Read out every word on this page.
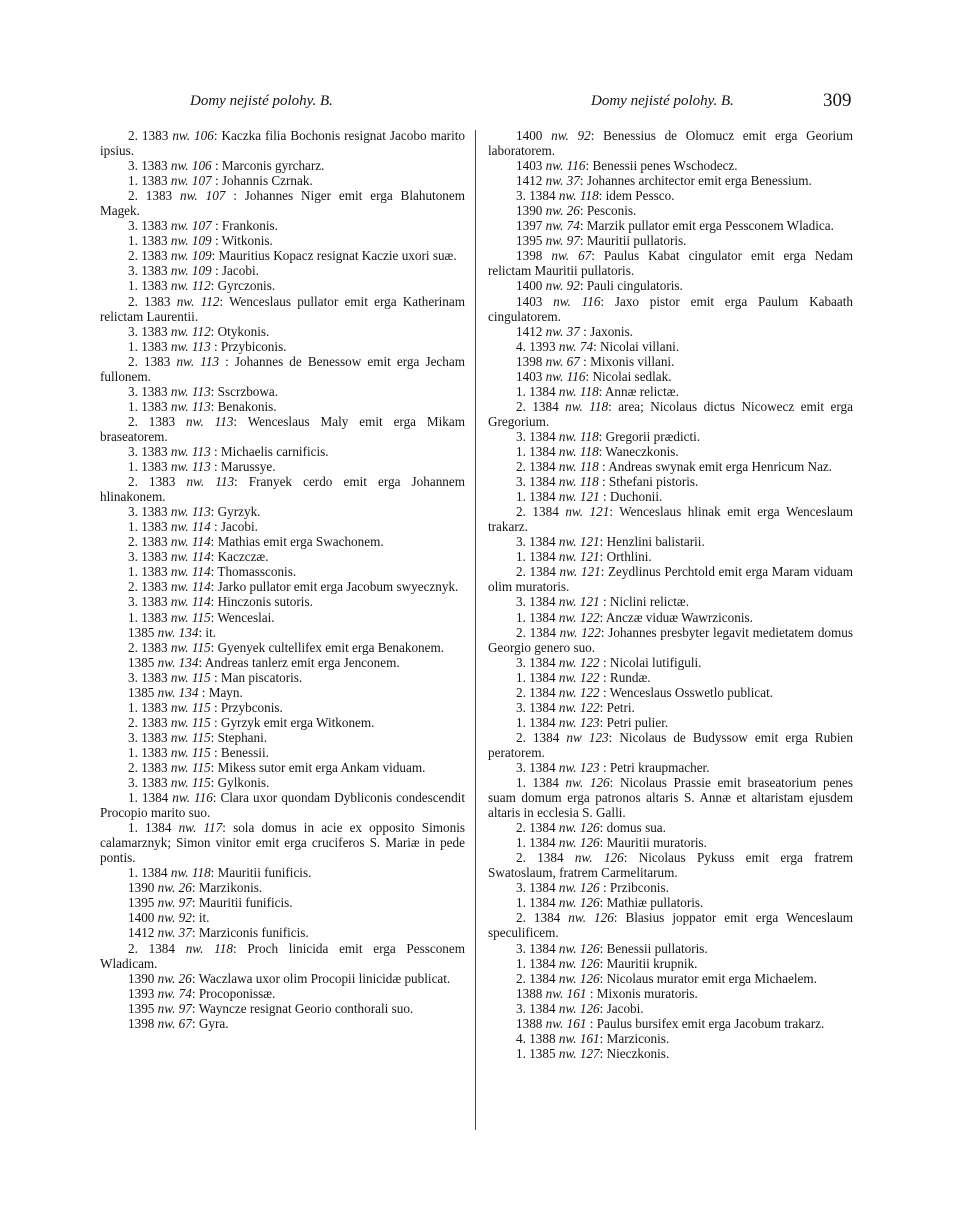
Domy nejisté polohy. B.	Domy nejisté polohy. B.	309

2. 1383 nw. 106: Kaczka filia Bochonis resignat Jacobo marito ipsius.

3. 1383 nw. 106 : Marconis gyrcharz.

1. 1383 nw. 107 : Johannis Czrnak.

2. 1383 nw. 107 : Johannes Niger emit erga Blahutonem Magek.

3. 1383 nw. 107 : Frankonis.

1. 1383 nw. 109 : Witkonis.

2. 1383 nw. 109: Mauritius Kopacz resignat Kaczie uxori suæ.

3. 1383 nw. 109 : Jacobi.

1. 1383 nw. 112: Gyrczonis.

2. 1383 nw. 112: Wenceslaus pullator emit erga Katherinam relictam Laurentii.

3. 1383 nw. 112: Otykonis.

1. 1383 nw. 113 : Przybiconis.

2. 1383 nw. 113 : Johannes de Benessow emit erga Jecham fullonem.

3. 1383 nw. 113: Sscrzbowa.

1. 1383 nw. 113: Benakonis.

2. 1383 nw. 113: Wenceslaus Maly emit erga Mikam braseatorem.

3. 1383 nw. 113 : Michaelis carnificis.

1. 1383 nw. 113 : Marussye.

2. 1383 nw. 113: Franyek cerdo emit erga Johannem hlinakonem.

3. 1383 nw. 113: Gyrzyk.

1. 1383 nw. 114 : Jacobi.

2. 1383 nw. 114: Mathias emit erga Swachonem.

3. 1383 nw. 114: Kaczczæ.

1. 1383 nw. 114: Thomassconis.

2. 1383 nw. 114: Jarko pullator emit erga Jacobum swyecznyk.

3. 1383 nw. 114: Hinczonis sutoris.

1. 1383 nw. 115: Wenceslai.

1385 nw. 134: it.

2. 1383 nw. 115: Gyenyek cultellifex emit erga Benakonem.

1385 nw. 134: Andreas tanlerz emit erga Jenconem.

3. 1383 nw. 115 : Man piscatoris.

1385 nw. 134 : Mayn.

1. 1383 nw. 115 : Przybconis.

2. 1383 nw. 115 : Gyrzyk emit erga Witkonem.

3. 1383 nw. 115: Stephani.

1. 1383 nw. 115 : Benessii.

2. 1383 nw. 115: Mikess sutor emit erga Ankam viduam.

3. 1383 nw. 115: Gylkonis.

1. 1384 nw. 116: Clara uxor quondam Dybliconis condescendit Procopio marito suo.

1. 1384 nw. 117: sola domus in acie ex opposito Simonis calamarznyk; Simon vinitor emit erga cruciferos S. Mariæ in pede pontis.

1. 1384 nw. 118: Mauritii funificis.

1390 nw. 26: Marzikonis.

1395 nw. 97: Mauritii funificis.

1400 nw. 92: it.

1412 nw. 37: Marziconis funificis.

2. 1384 nw. 118: Proch linicida emit erga Pessconem Wladicam.

1390 nw. 26: Waczlawa uxor olim Procopii linicidæ publicat.

1393 nw. 74: Procoponissæ.

1395 nw. 97: Wayncze resignat Georio conthorali suo.

1398 nw. 67: Gyra.

1400 nw. 92: Benessius de Olomucz emit erga Georium laboratorem.

1403 nw. 116: Benessii penes Wschodecz.

1412 nw. 37: Johannes architector emit erga Benessium.

3. 1384 nw. 118: idem Pessco.

1390 nw. 26: Pesconis.

1397 nw. 74: Marzik pullator emit erga Pessconem Wladica.

1395 nw. 97: Mauritii pullatoris.

1398 nw. 67: Paulus Kabat cingulator emit erga Nedam relictam Mauritii pullatoris.

1400 nw. 92: Pauli cingulatoris.

1403 nw. 116: Jaxo pistor emit erga Paulum Kabaath cingulatorem.

1412 nw. 37 : Jaxonis.

4. 1393 nw. 74: Nicolai villani.

1398 nw. 67 : Mixonis villani.

1403 nw. 116: Nicolai sedlak.

1. 1384 nw. 118: Annæ relictæ.

2. 1384 nw. 118: area; Nicolaus dictus Nicowecz emit erga Gregorium.

3. 1384 nw. 118: Gregorii prædicti.

1. 1384 nw. 118: Waneczkonis.

2. 1384 nw. 118 : Andreas swynak emit erga Henricum Naz.

3. 1384 nw. 118 : Sthefani pistoris.

1. 1384 nw. 121 : Duchonii.

2. 1384 nw. 121: Wenceslaus hlinak emit erga Wenceslaum trakarz.

3. 1384 nw. 121: Henzlini balistarii.

1. 1384 nw. 121: Orthlini.

2. 1384 nw. 121: Zeydlinus Perchtold emit erga Maram viduam olim muratoris.

3. 1384 nw. 121 : Niclini relictæ.

1. 1384 nw. 122: Anczæ viduæ Wawrziconis.

2. 1384 nw. 122: Johannes presbyter legavit medietatem domus Georgio genero suo.

3. 1384 nw. 122 : Nicolai lutifiguli.

1. 1384 nw. 122 : Rundæ.

2. 1384 nw. 122 : Wenceslaus Osswetlo publicat.

3. 1384 nw. 122: Petri.

1. 1384 nw. 123: Petri pulier.

2. 1384 nw 123: Nicolaus de Budyssow emit erga Rubien peratorem.

3. 1384 nw. 123 : Petri kraupmacher.

1. 1384 nw. 126: Nicolaus Prassie emit braseatorium penes suam domum erga patronos altaris S. Annæ et altaristam ejusdem altaris in ecclesia S. Galli.

2. 1384 nw. 126: domus sua.

1. 1384 nw. 126: Mauritii muratoris.

2. 1384 nw. 126: Nicolaus Pykuss emit erga fratrem Swatoslaum, fratrem Carmelitarum.

3. 1384 nw. 126 : Przibconis.

1. 1384 nw. 126: Mathiæ pullatoris.

2. 1384 nw. 126: Blasius joppator emit erga Wenceslaum speculificem.

3. 1384 nw. 126: Benessii pullatoris.

1. 1384 nw. 126: Mauritii krupnik.

2. 1384 nw. 126: Nicolaus murator emit erga Michaelem.

1388 nw. 161 : Mixonis muratoris.

3. 1384 nw. 126: Jacobi.

1388 nw. 161 : Paulus bursifex emit erga Jacobum trakarz.

4. 1388 nw. 161: Marziconis.

1. 1385 nw. 127: Nieczkonis.
